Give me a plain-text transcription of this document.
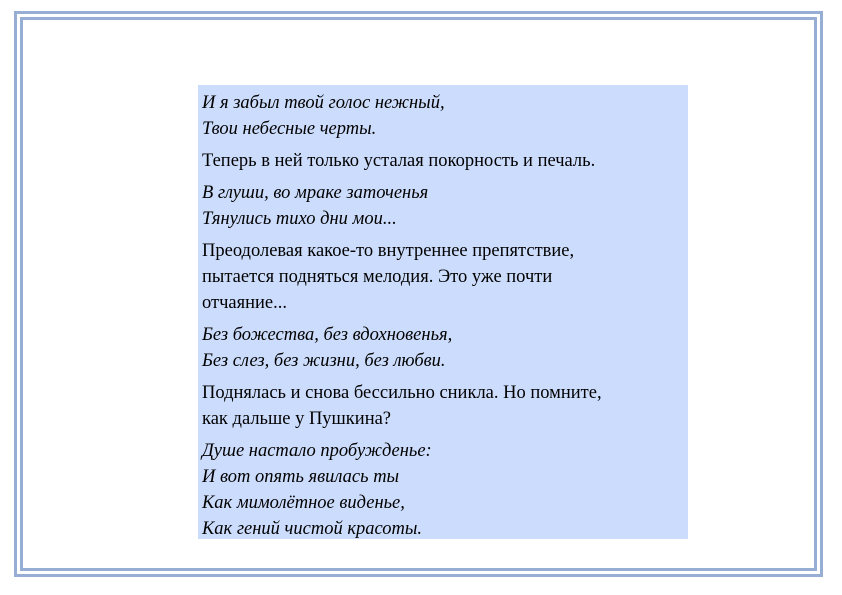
И я забыл твой голос нежный,
Твои небесные черты.
Теперь в ней только усталая покорность и печаль.
В глуши, во мраке заточенья
Тянулись тихо дни мои...
Преодолевая какое-то внутреннее препятствие,
пытается подняться мелодия. Это уже почти
отчаяние...
Без божества, без вдохновенья,
Без слез, без жизни, без любви.
Поднялась и снова бессильно сникла. Но помните,
как дальше у Пушкина?
Душе настало пробужденье:
И вот опять явилась ты
Как мимолётное виденье,
Как гений чистой красоты.
